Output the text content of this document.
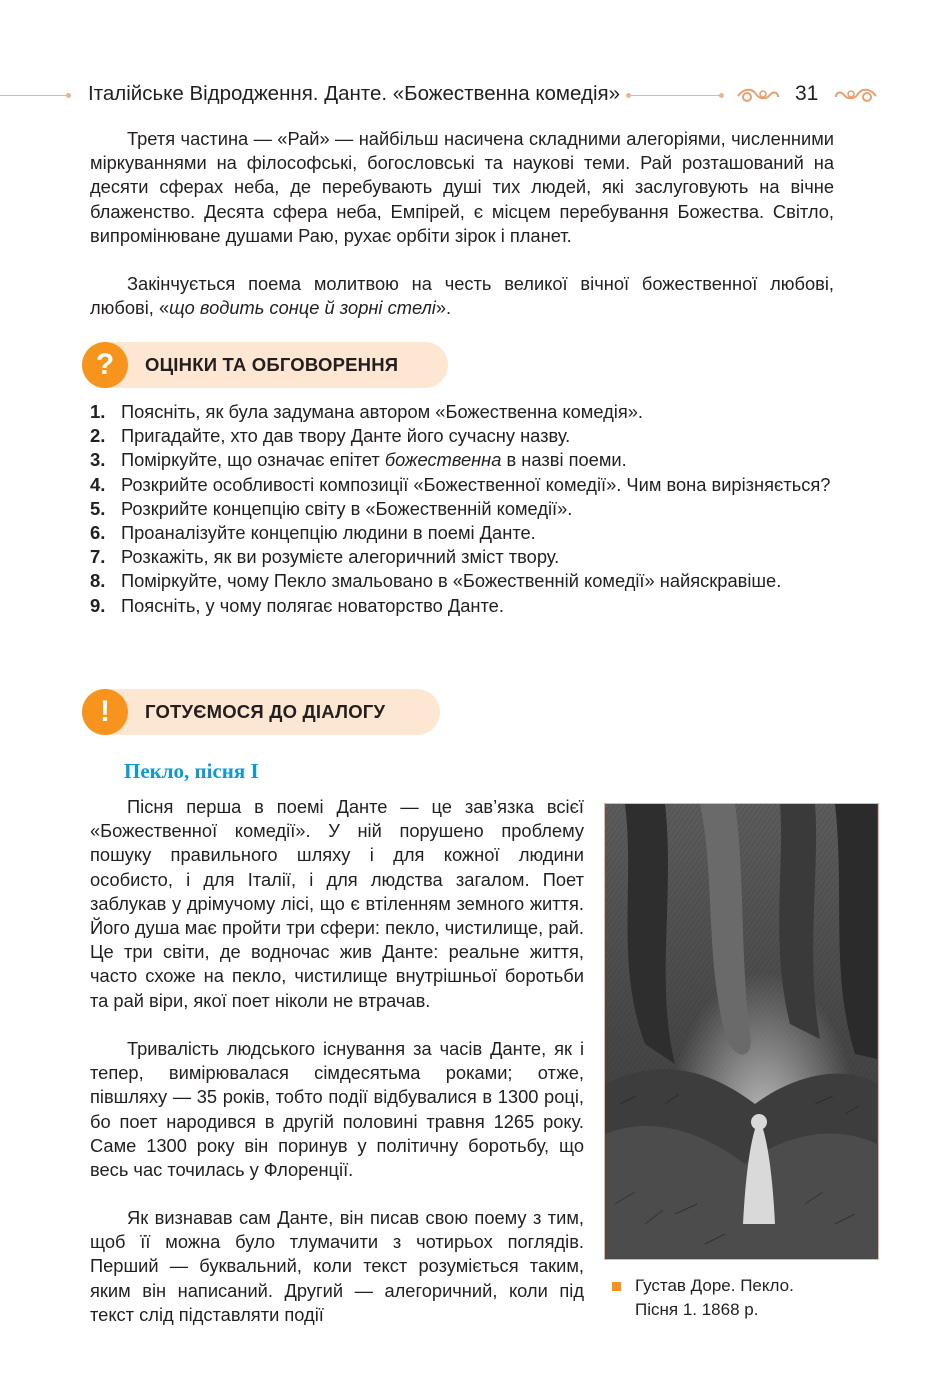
Італійське Відродження. Данте. «Божественна комедія»	31
Третя частина — «Рай» — найбільш насичена складними алегоріями, численними міркуваннями на філософські, богословські та наукові теми. Рай розташований на десяти сферах неба, де перебувають душі тих людей, які заслуговують на вічне блаженство. Десята сфера неба, Емпірей, є місцем перебування Божества. Світло, випромінюване душами Раю, рухає орбіти зірок і планет.
Закінчується поема молитвою на честь великої вічної божественної любові, любові, «що водить сонце й зорні стелі».
?	ОЦІНКИ ТА ОБГОВОРЕННЯ
1. Поясніть, як була задумана автором «Божественна комедія».
2. Пригадайте, хто дав твору Данте його сучасну назву.
3. Поміркуйте, що означає епітет божественна в назві поеми.
4. Розкрийте особливості композиції «Божественної комедії». Чим вона вирізняється?
5. Розкрийте концепцію світу в «Божественній комедії».
6. Проаналізуйте концепцію людини в поемі Данте.
7. Розкажіть, як ви розумієте алегоричний зміст твору.
8. Поміркуйте, чому Пекло змальовано в «Божественній комедії» найяскравіше.
9. Поясніть, у чому полягає новаторство Данте.
!	ГОТУЄМОСЯ ДО ДІАЛОГУ
Пекло, пісня І
Пісня перша в поемі Данте — це зав’язка всієї «Божественної комедії». У ній порушено проблему пошуку правильного шляху і для кожної людини особисто, і для Італії, і для людства загалом. Поет заблукав у дрімучому лісі, що є втіленням земного життя. Його душа має пройти три сфери: пекло, чистилище, рай. Це три світи, де водночас жив Данте: реальне життя, часто схоже на пекло, чистилище внутрішньої боротьби та рай віри, якої поет ніколи не втрачав.
Тривалість людського існування за часів Данте, як і тепер, вимірювалася сімдесятьма роками; отже, півшляху — 35 років, тобто події відбувалися в 1300 році, бо поет народився в другій половині травня 1265 року. Саме 1300 року він поринув у політичну боротьбу, що весь час точилась у Флоренції.
Як визнавав сам Данте, він писав свою поему з тим, щоб її можна було тлумачити з чотирьох поглядів. Перший — буквальний, коли текст розуміється таким, яким він написаний. Другий — алегоричний, коли під текст слід підставляти події
Густав Доре. Пекло.
Пісня 1. 1868 р.
